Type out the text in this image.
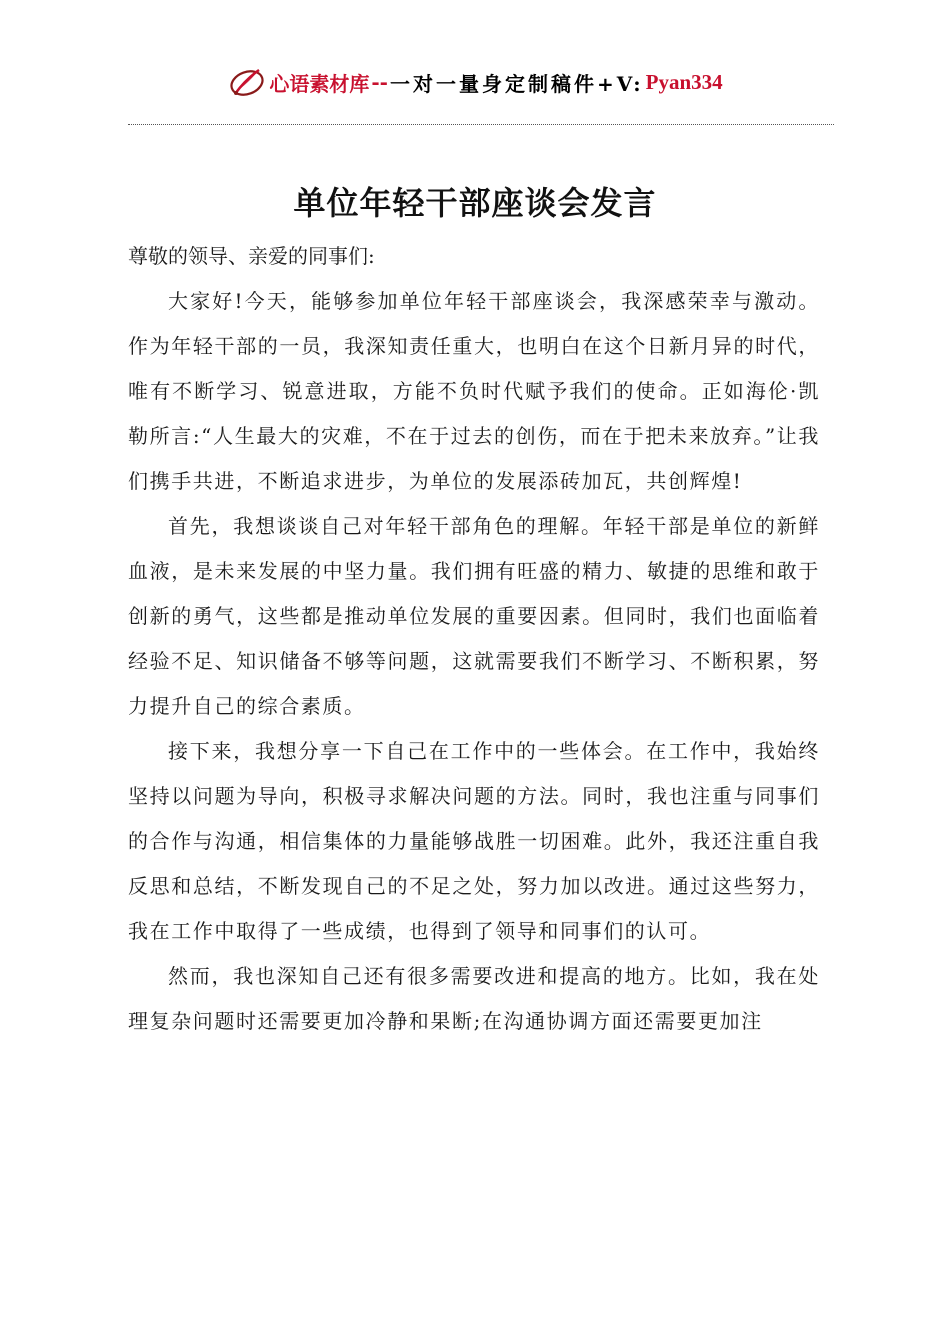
心语素材库 -- 一对一量身定制稿件+V: Pyan334
单位年轻干部座谈会发言

尊敬的领导、亲爱的同事们:

大家好!今天，能够参加单位年轻干部座谈会，我深感荣幸与激动。作为年轻干部的一员，我深知责任重大，也明白在这个日新月异的时代，唯有不断学习、锐意进取，方能不负时代赋予我们的使命。正如海伦·凯勒所言:“人生最大的灾难，不在于过去的创伤，而在于把未来放弃。”让我们携手共进，不断追求进步，为单位的发展添砖加瓦，共创辉煌!

首先，我想谈谈自己对年轻干部角色的理解。年轻干部是单位的新鲜血液，是未来发展的中坚力量。我们拥有旺盛的精力、敏捷的思维和敢于创新的勇气，这些都是推动单位发展的重要因素。但同时，我们也面临着经验不足、知识储备不够等问题，这就需要我们不断学习、不断积累，努力提升自己的综合素质。

接下来，我想分享一下自己在工作中的一些体会。在工作中，我始终坚持以问题为导向，积极寻求解决问题的方法。同时，我也注重与同事们的合作与沟通，相信集体的力量能够战胜一切困难。此外，我还注重自我反思和总结，不断发现自己的不足之处，努力加以改进。通过这些努力，我在工作中取得了一些成绩，也得到了领导和同事们的认可。

然而，我也深知自己还有很多需要改进和提高的地方。比如，我在处理复杂问题时还需要更加冷静和果断;在沟通协调方面还需要更加注
